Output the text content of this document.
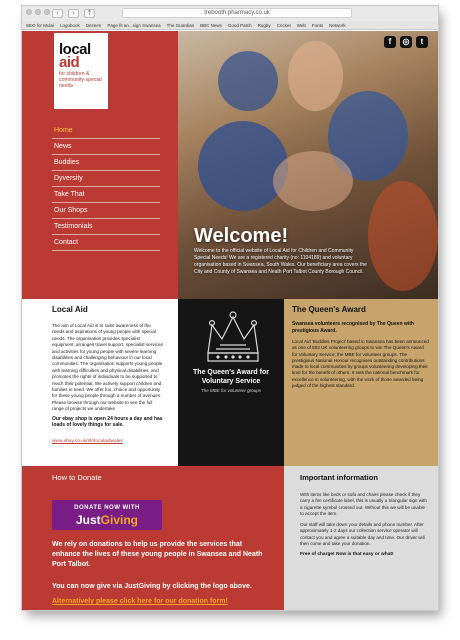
‹	›	↑	trebooth.pharmacy.co.uk
SEO for Mulai Logobook Dezeen Page fit an...sign Swansea The Guardian BBC News Good Patch Rugby Cricket Web Fonts Network
local
aid
for children & community special needs
Home
News
Buddies
Dyversity
Take That
Our Shops
Testimonials
Contact
f	◎	t
Welcome!
Welcome to the official website of Local Aid for Children and Community Special Needs! We are a registered charity (no: 1104189) and voluntary organisation based in Swansea, South Wales. Our beneficiary area covers the City and County of Swansea and Neath Port Talbot County Borough Council.
Local Aid
The aim of Local Aid is to raise awareness of the needs and aspirations of young people with special needs. The organisation provides specialist equipment, arranges travel support, specialist services and activities for young people with severe learning disabilities and challenging behaviour in our local communities. The organisation supports young people with learning difficulties and physical disabilities, and promotes the rights of individuals to be supported to reach their potential. We actively support children and families in need. We offer fun, choice and opportunity for these young people through a number of avenues. Please browse through our website to see the full range of projects we undertake
Our ebay shop is open 24 hours a day and has loads of lovely things for sale.
www.ebay.co.uk/str/localaidwales
The Queen's Award for Voluntary Service
The MBE for volunteer groups
The Queen's Award
Swansea volunteers recognised by The Queen with prestigious Award.
Local Aid 'Buddies Project' based in Swansea has been announced as one of 503 UK volunteering groups to win The Queen's Award for Voluntary Service; the MBE for volunteer groups. The prestigious National Honour recognises outstanding contributions made to local communities by groups volunteering developing their time for the benefit of others. It sets the national benchmark for excellence in volunteering, with the work of those awarded being judged of the highest standard.
How to Donate
DONATE NOW WITH
JustGiving
We rely on donations to help us provide the services that enhance the lives of these young people in Swansea and Neath Port Talbot.
You can now give via JustGiving by clicking the logo above.
Alternatively please click here for our donation form!
Important information
With items like beds or sofa and chairs please check if they carry a fire certificate label, this is usually a triangular sign with a cigarette symbol crossed out. Without this we will be unable to accept the item.
Our staff will take down your details and phone number. After approximately 1-2 days our collection service operator will contact you and agree a suitable day and time. Our driver will then come and take your donation.
Free of charge! Now is that easy or what!
